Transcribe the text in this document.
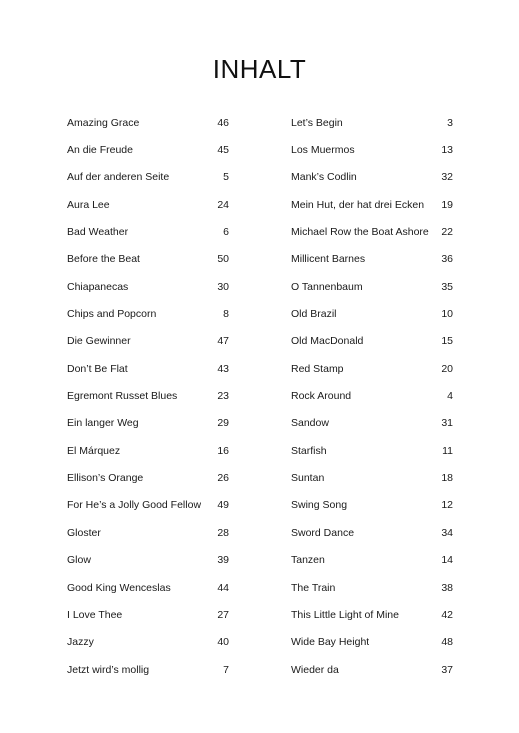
INHALT
Amazing Grace	46
An die Freude	45
Auf der anderen Seite	5
Aura Lee	24
Bad Weather	6
Before the Beat	50
Chiapanecas	30
Chips and Popcorn	8
Die Gewinner	47
Don’t Be Flat	43
Egremont Russet Blues	23
Ein langer Weg	29
El Márquez	16
Ellison’s Orange	26
For He’s a Jolly Good Fellow	49
Gloster	28
Glow	39
Good King Wenceslas	44
I Love Thee	27
Jazzy	40
Jetzt wird’s mollig	7
Let’s Begin	3
Los Muermos	13
Mank’s Codlin	32
Mein Hut, der hat drei Ecken	19
Michael Row the Boat Ashore	22
Millicent Barnes	36
O Tannenbaum	35
Old Brazil	10
Old MacDonald	15
Red Stamp	20
Rock Around	4
Sandow	31
Starfish	11
Suntan	18
Swing Song	12
Sword Dance	34
Tanzen	14
The Train	38
This Little Light of Mine	42
Wide Bay Height	48
Wieder da	37
